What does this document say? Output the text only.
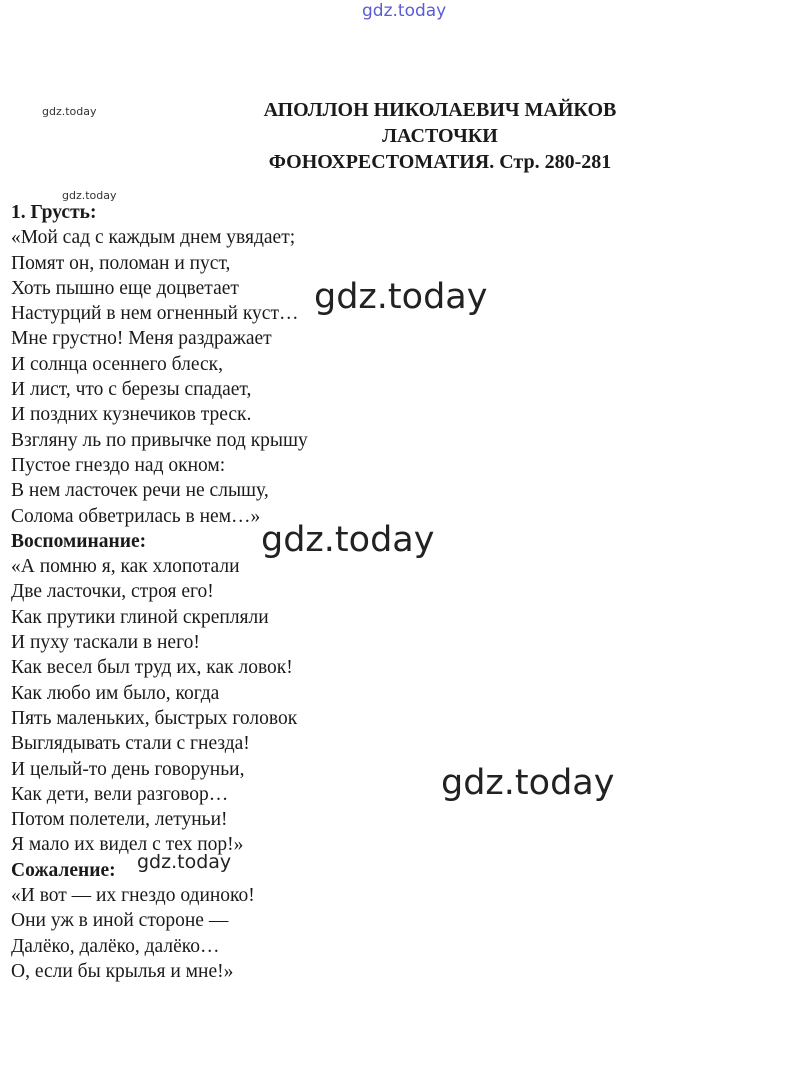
АПОЛЛОН НИКОЛАЕВИЧ МАЙКОВ
ЛАСТОЧКИ
ФОНОХРЕСТОМАТИЯ. Стр. 280-281
1. Грусть:
«Мой сад с каждым днем увядает;
Помят он, поломан и пуст,
Хоть пышно еще доцветает
Настурций в нем огненный куст…
Мне грустно! Меня раздражает
И солнца осеннего блеск,
И лист, что с березы спадает,
И поздних кузнечиков треск.
Взгляну ль по привычке под крышу
Пустое гнездо над окном:
В нем ласточек речи не слышу,
Солома обветрилась в нем…»
Воспоминание:
«А помню я, как хлопотали
Две ласточки, строя его!
Как прутики глиной скрепляли
И пуху таскали в него!
Как весел был труд их, как ловок!
Как любо им было, когда
Пять маленьких, быстрых головок
Выглядывать стали с гнезда!
И целый-то день говоруньи,
Как дети, вели разговор…
Потом полетели, летуньи!
Я мало их видел с тех пор!»
Сожаление:
«И вот — их гнездо одиноко!
Они уж в иной стороне —
Далёко, далёко, далёко…
О, если бы крылья и мне!»
gdz.today
gdz.today
gdz.today
gdz.today
gdz.today
gdz.today
gdz.today
